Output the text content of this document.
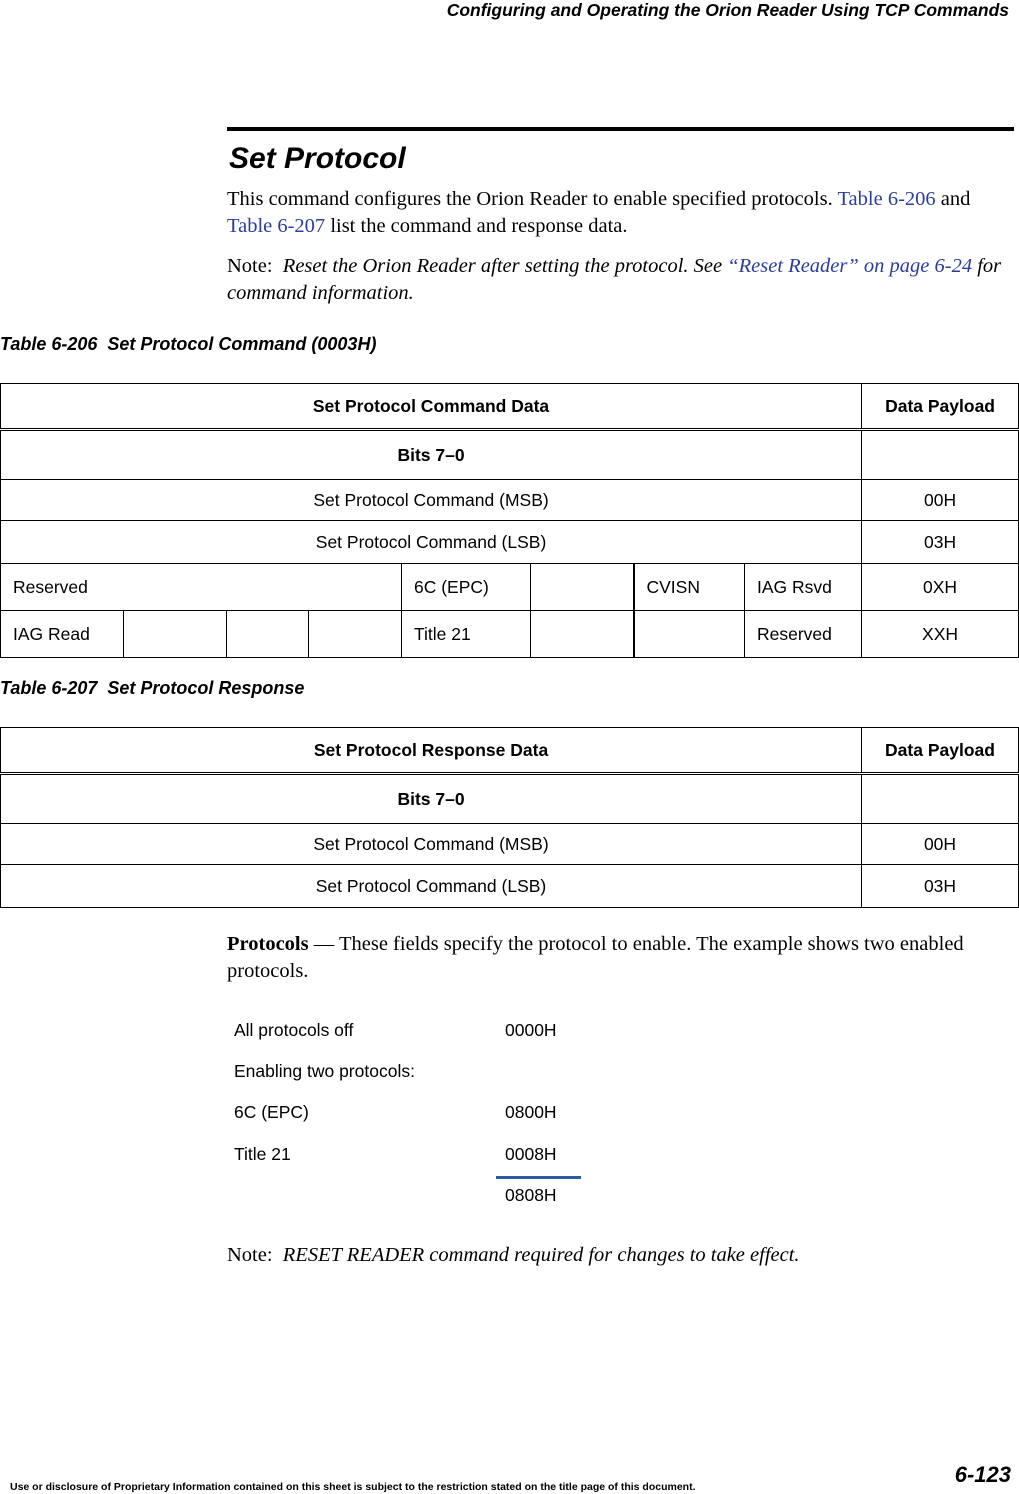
Configuring and Operating the Orion Reader Using TCP Commands
Set Protocol
This command configures the Orion Reader to enable specified protocols. Table 6-206 and Table 6-207 list the command and response data.
Note: Reset the Orion Reader after setting the protocol. See “Reset Reader” on page 6-24 for command information.
Table 6-206  Set Protocol Command (0003H)
Set Protocol Command Data								Data Payload
Bits 7–0								
Set Protocol Command (MSB)								00H
Set Protocol Command (LSB)								03H
Reserved				6C (EPC)		CVISN	IAG Rsvd	0XH
IAG Read				Title 21			Reserved	XXH
Table 6-207  Set Protocol Response
Set Protocol Response Data	Data Payload
Bits 7–0	
Set Protocol Command (MSB)	00H
Set Protocol Command (LSB)	03H
Protocols — These fields specify the protocol to enable. The example shows two enabled protocols.
All protocols off	0000H
Enabling two protocols:
6C (EPC)	0800H
Title 21	0008H
0808H
Note: RESET READER command required for changes to take effect.
Use or disclosure of Proprietary Information contained on this sheet is subject to the restriction stated on the title page of this document.	6-123
